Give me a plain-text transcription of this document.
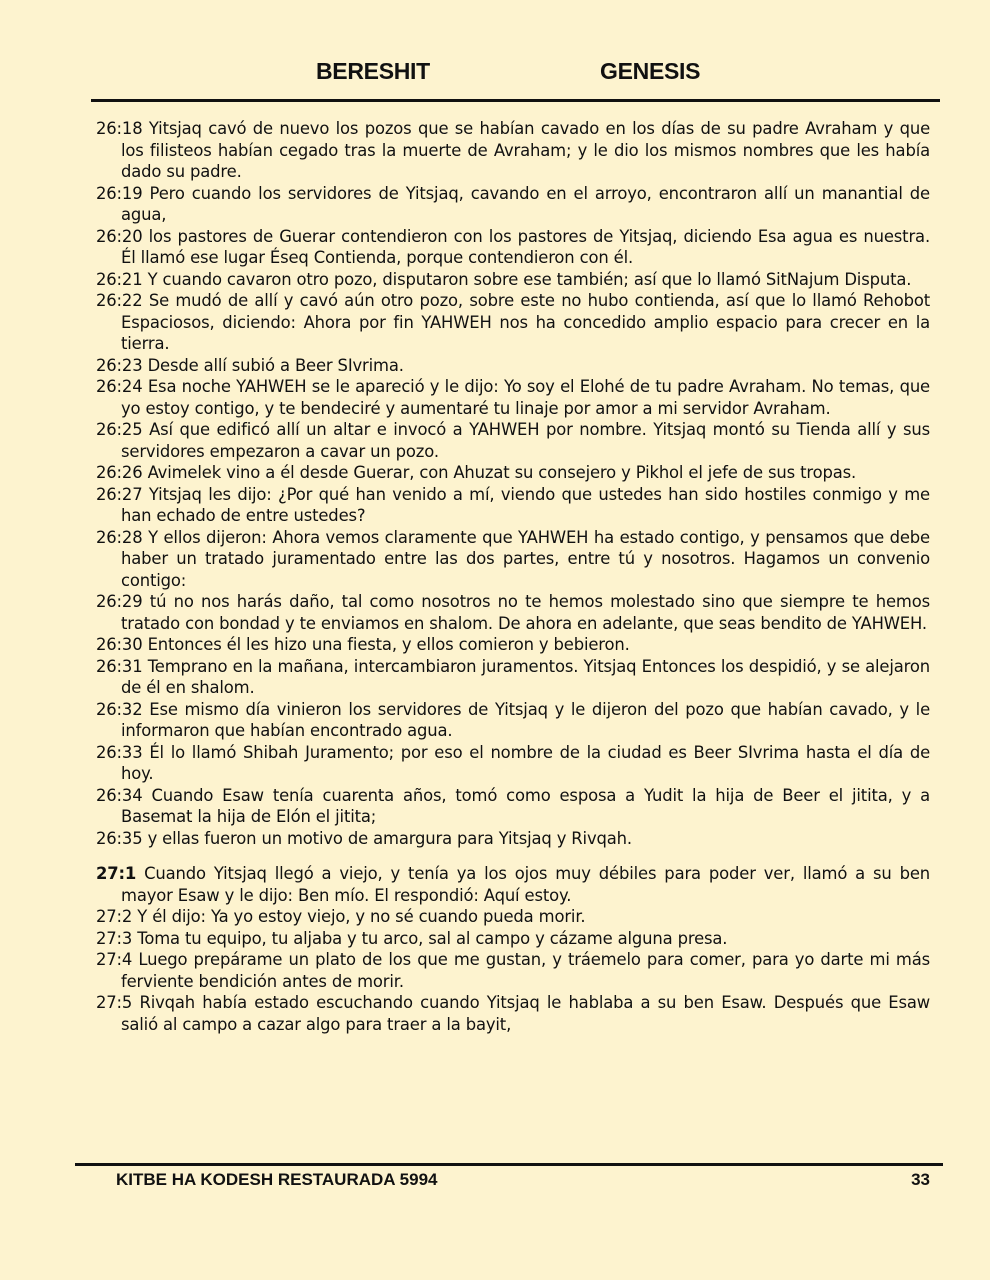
BERESHIT	GENESIS

26:18 Yitsjaq cavó de nuevo los pozos que se habían cavado en los días de su padre Avraham y que los filisteos habían cegado tras la muerte de Avraham; y le dio los mismos nombres que les había dado su padre.

26:19 Pero cuando los servidores de Yitsjaq, cavando en el arroyo, encontraron allí un manantial de agua,

26:20 los pastores de Guerar contendieron con los pastores de Yitsjaq, diciendo Esa agua es nuestra. Él llamó ese lugar Éseq Contienda, porque contendieron con él.

26:21 Y cuando cavaron otro pozo, disputaron sobre ese también; así que lo llamó SitNajum Disputa.

26:22 Se mudó de allí y cavó aún otro pozo, sobre este no hubo contienda, así que lo llamó Rehobot Espaciosos, diciendo: Ahora por fin YAHWEH nos ha concedido amplio espacio para crecer en la tierra.

26:23 Desde allí subió a Beer SIvrima.

26:24 Esa noche YAHWEH se le apareció y le dijo: Yo soy el Elohé de tu padre Avraham. No temas, que yo estoy contigo, y te bendeciré y aumentaré tu linaje por amor a mi servidor Avraham.

26:25 Así que edificó allí un altar e invocó a YAHWEH por nombre. Yitsjaq montó su Tienda allí y sus servidores empezaron a cavar un pozo.

26:26 Avimelek vino a él desde Guerar, con Ahuzat su consejero y Pikhol el jefe de sus tropas.

26:27 Yitsjaq les dijo: ¿Por qué han venido a mí, viendo que ustedes han sido hostiles conmigo y me han echado de entre ustedes?

26:28 Y ellos dijeron: Ahora vemos claramente que YAHWEH ha estado contigo, y pensamos que debe haber un tratado juramentado entre las dos partes, entre tú y nosotros. Hagamos un convenio contigo:

26:29 tú no nos harás daño, tal como nosotros no te hemos molestado sino que siempre te hemos tratado con bondad y te enviamos en shalom. De ahora en adelante, que seas bendito de YAHWEH.

26:30 Entonces él les hizo una fiesta, y ellos comieron y bebieron.

26:31 Temprano en la mañana, intercambiaron juramentos. Yitsjaq Entonces los despidió, y se alejaron de él en shalom.

26:32 Ese mismo día vinieron los servidores de Yitsjaq y le dijeron del pozo que habían cavado, y le informaron que habían encontrado agua.

26:33 Él lo llamó Shibah Juramento; por eso el nombre de la ciudad es Beer SIvrima hasta el día de hoy.

26:34 Cuando Esaw tenía cuarenta años, tomó como esposa a Yudit la hija de Beer el jitita, y a Basemat la hija de Elón el jitita;

26:35 y ellas fueron un motivo de amargura para Yitsjaq y Rivqah.

27:1 Cuando Yitsjaq llegó a viejo, y tenía ya los ojos muy débiles para poder ver, llamó a su ben mayor Esaw y le dijo: Ben mío. El respondió: Aquí estoy.

27:2 Y él dijo: Ya yo estoy viejo, y no sé cuando pueda morir.

27:3 Toma tu equipo, tu aljaba y tu arco, sal al campo y cázame alguna presa.

27:4 Luego prepárame un plato de los que me gustan, y tráemelo para comer, para yo darte mi más ferviente bendición antes de morir.

27:5 Rivqah había estado escuchando cuando Yitsjaq le hablaba a su ben Esaw. Después que Esaw salió al campo a cazar algo para traer a la bayit,

KITBE HA KODESH RESTAURADA 5994	33
